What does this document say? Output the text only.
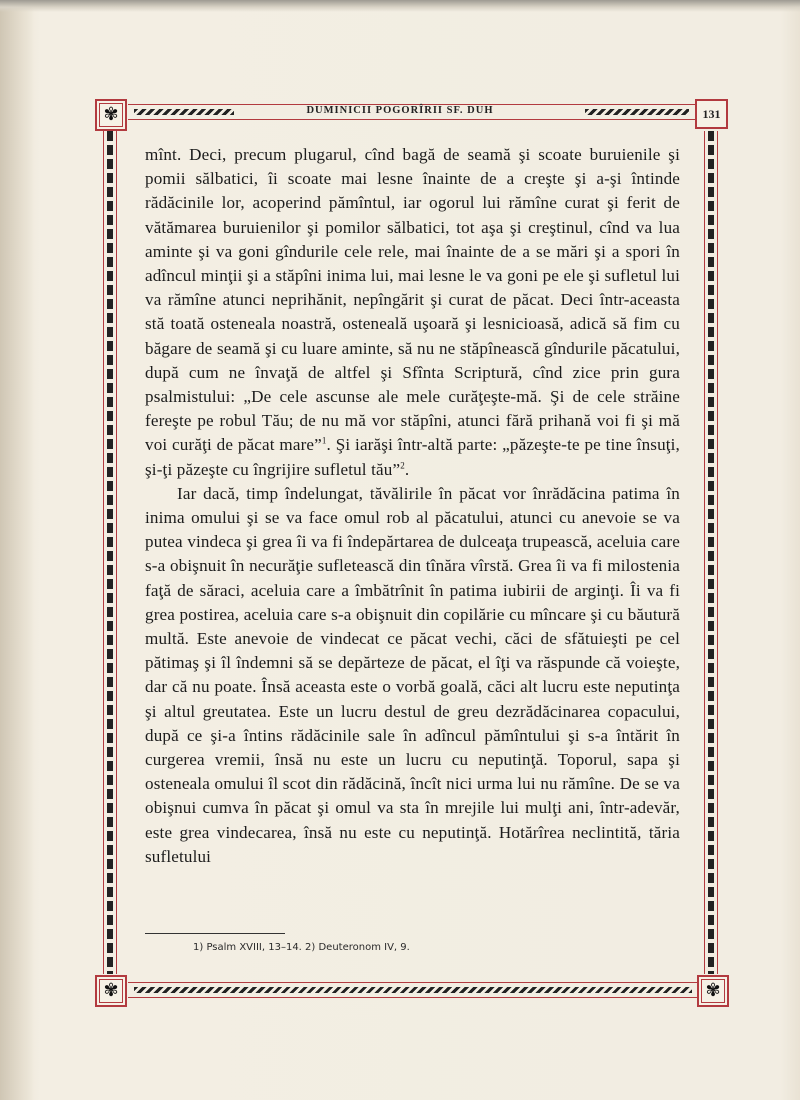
DUMINICII POGORÎRII SF. DUH
✾
✾	✾
131

mînt. Deci, precum plugarul, cînd bagă de seamă şi scoate buruienile şi pomii sălbatici, îi scoate mai lesne înainte de a creşte şi a-şi întinde rădăcinile lor, acoperind pămîntul, iar ogorul lui rămîne curat şi ferit de vătămarea buruienilor şi pomilor sălbatici, tot aşa şi creştinul, cînd va lua aminte şi va goni gîndurile cele rele, mai înainte de a se mări şi a spori în adîncul minţii şi a stăpîni inima lui, mai lesne le va goni pe ele şi sufletul lui va rămîne atunci neprihănit, nepîngărit şi curat de păcat. Deci într-aceasta stă toată osteneala noastră, osteneală uşoară şi lesnicioasă, adică să fim cu băgare de seamă şi cu luare aminte, să nu ne stăpînească gîndurile păcatului, după cum ne învaţă de altfel şi Sfînta Scriptură, cînd zice prin gura psalmistului: „De cele ascunse ale mele curăţeşte-mă. Şi de cele străine fereşte pe robul Tău; de nu mă vor stăpîni, atunci fără prihană voi fi şi mă voi curăţi de păcat mare”$^1$. Şi iarăşi într-altă parte: „păzeşte-te pe tine însuţi, şi-ţi păzeşte cu îngrijire sufletul tău”$^2$.

Iar dacă, timp îndelungat, tăvălirile în păcat vor înrădăcina patima în inima omului şi se va face omul rob al păcatului, atunci cu anevoie se va putea vindeca şi grea îi va fi îndepărtarea de dulceaţa trupească, aceluia care s-a obişnuit în necurăţie sufletească din tînăra vîrstă. Grea îi va fi milostenia faţă de săraci, aceluia care a îmbătrînit în patima iubirii de arginţi. Îi va fi grea postirea, aceluia care s-a obişnuit din copilărie cu mîncare şi cu băutură multă. Este anevoie de vindecat ce păcat vechi, căci de sfătuieşti pe cel pătimaş şi îl îndemni să se depărteze de păcat, el îţi va răspunde că voieşte, dar că nu poate. Însă aceasta este o vorbă goală, căci alt lucru este neputinţa şi altul greutatea. Este un lucru destul de greu dezrădăcinarea copacului, după ce şi-a întins rădăcinile sale în adîncul pămîntului şi s-a întărit în curgerea vremii, însă nu este un lucru cu neputinţă. Toporul, sapa şi osteneala omului îl scot din rădăcină, încît nici urma lui nu rămîne. De se va obişnui cumva în păcat şi omul va sta în mrejile lui mulţi ani, într-adevăr, este grea vindecarea, însă nu este cu neputinţă. Hotărîrea neclintită, tăria sufletului

1) Psalm XVIII, 13–14. 2) Deuteronom IV, 9.
